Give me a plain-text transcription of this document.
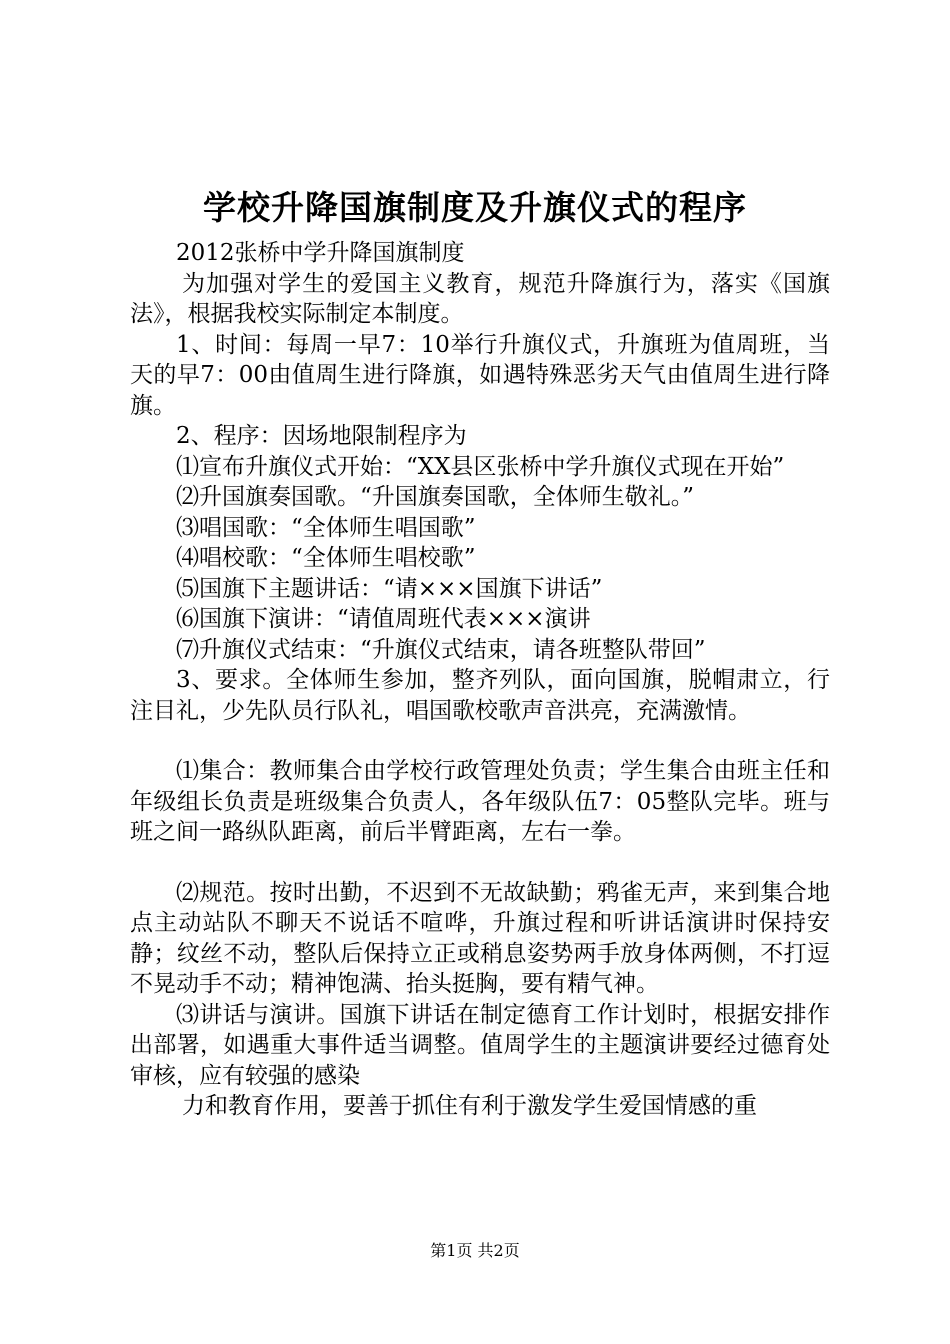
学校升降国旗制度及升旗仪式的程序

2012张桥中学升降国旗制度

为加强对学生的爱国主义教育，规范升降旗行为，落实《国旗法》，根据我校实际制定本制度。

1、时间：每周一早7：10举行升旗仪式，升旗班为值周班，当天的早7：00由值周生进行降旗，如遇特殊恶劣天气由值周生进行降旗。

2、程序：因场地限制程序为

⑴宣布升旗仪式开始：“XX县区张桥中学升旗仪式现在开始”

⑵升国旗奏国歌。“升国旗奏国歌，全体师生敬礼。”

⑶唱国歌：“全体师生唱国歌”

⑷唱校歌：“全体师生唱校歌”

⑸国旗下主题讲话：“请×××国旗下讲话”

⑹国旗下演讲：“请值周班代表×××演讲

⑺升旗仪式结束：“升旗仪式结束，请各班整队带回”

3、要求。全体师生参加，整齐列队，面向国旗，脱帽肃立，行注目礼，少先队员行队礼，唱国歌校歌声音洪亮，充满激情。

⑴集合：教师集合由学校行政管理处负责；学生集合由班主任和年级组长负责是班级集合负责人，各年级队伍7：05整队完毕。班与班之间一路纵队距离，前后半臂距离，左右一拳。

⑵规范。按时出勤，不迟到不无故缺勤；鸦雀无声，来到集合地点主动站队不聊天不说话不喧哗，升旗过程和听讲话演讲时保持安静；纹丝不动，整队后保持立正或稍息姿势两手放身体两侧，不打逗不晃动手不动；精神饱满、抬头挺胸，要有精气神。

⑶讲话与演讲。国旗下讲话在制定德育工作计划时，根据安排作出部署，如遇重大事件适当调整。值周学生的主题演讲要经过德育处审核，应有较强的感染

力和教育作用，要善于抓住有利于激发学生爱国情感的重

第1页 共2页
